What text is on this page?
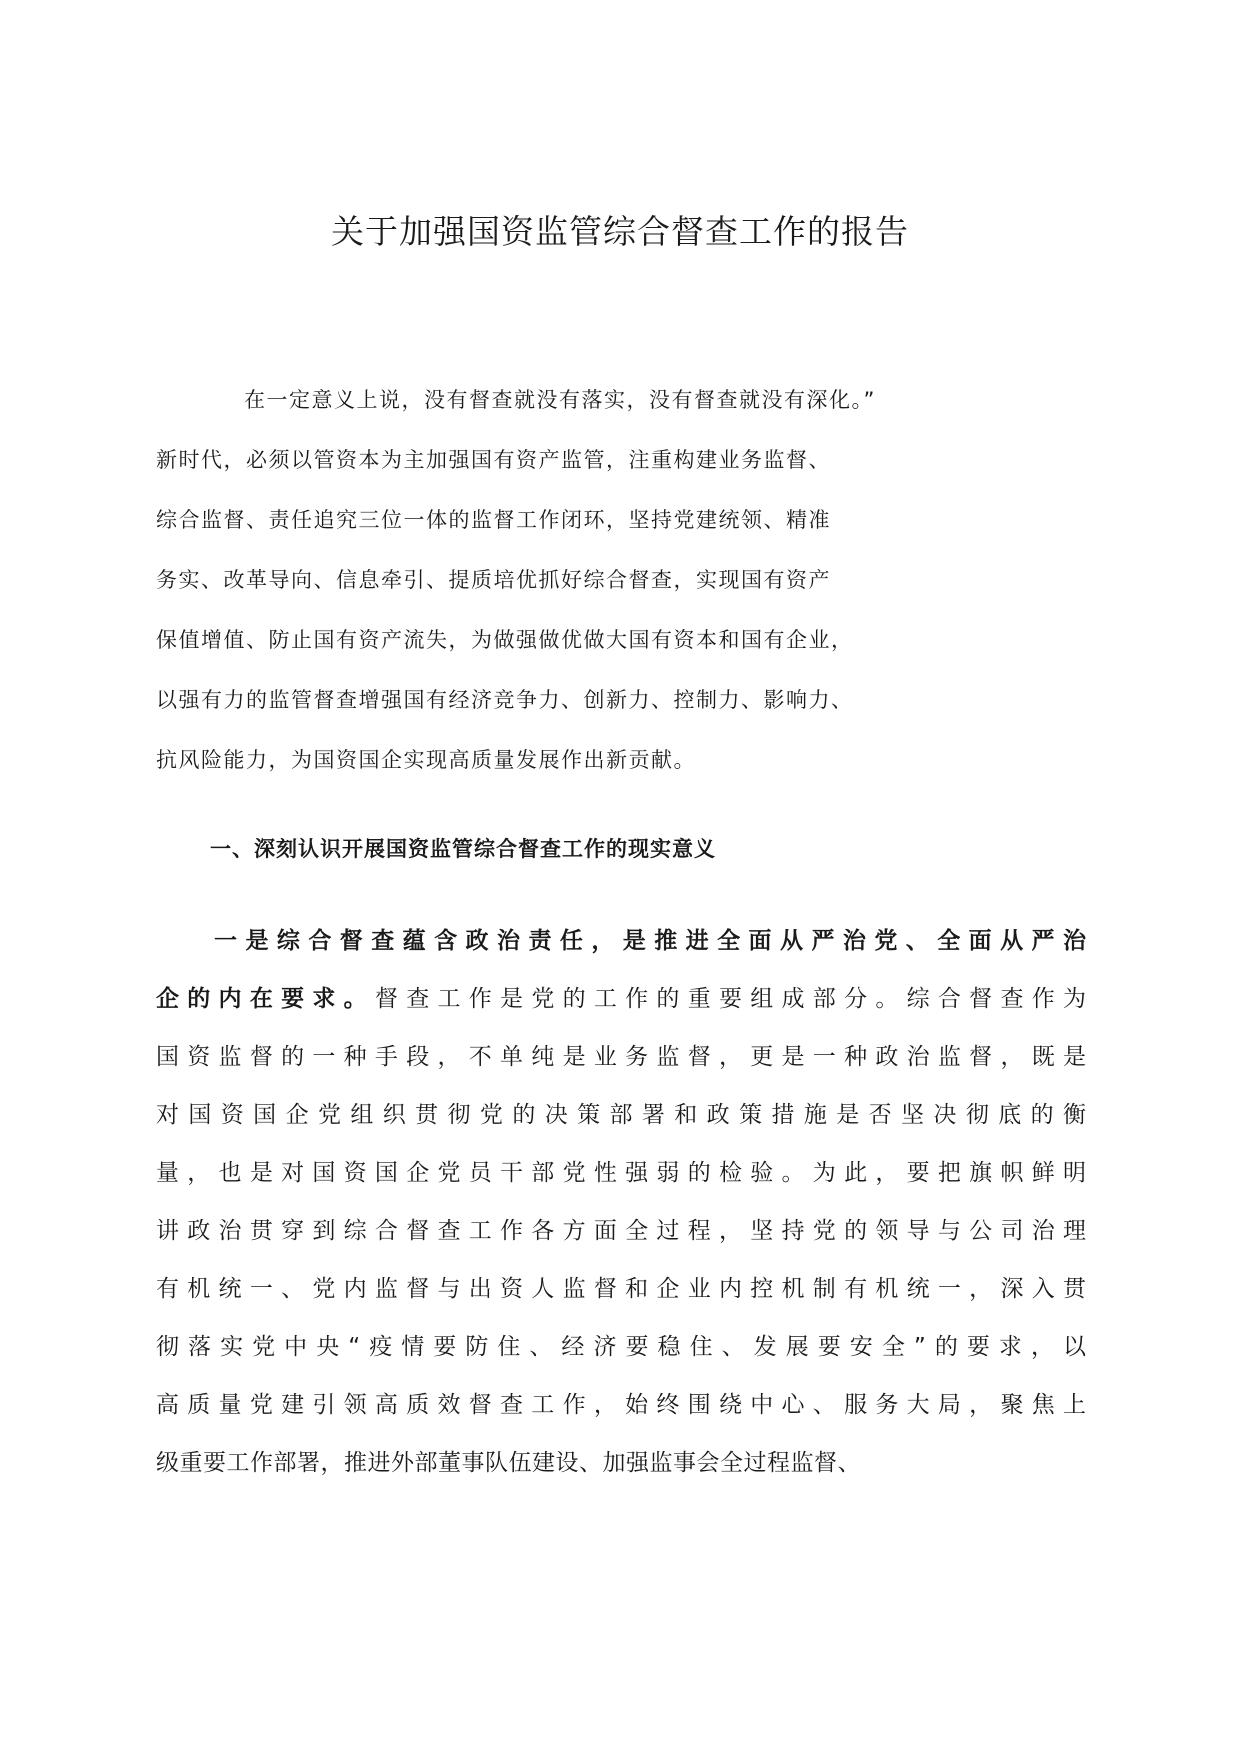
关于加强国资监管综合督查工作的报告
在一定意义上说，没有督查就没有落实，没有督查就没有深化。”
新时代，必须以管资本为主加强国有资产监管，注重构建业务监督、
综合监督、责任追究三位一体的监督工作闭环，坚持党建统领、精准
务实、改革导向、信息牵引、提质培优抓好综合督查，实现国有资产
保值增值、防止国有资产流失，为做强做优做大国有资本和国有企业，
以强有力的监管督查增强国有经济竞争力、创新力、控制力、影响力、
抗风险能力，为国资国企实现高质量发展作出新贡献。
一、深刻认识开展国资监管综合督查工作的现实意义
一是综合督查蕴含政治责任，是推进全面从严治党、全面从严治
企的内在要求。督查工作是党的工作的重要组成部分。综合督查作为
国资监督的一种手段，不单纯是业务监督，更是一种政治监督，既是
对国资国企党组织贯彻党的决策部署和政策措施是否坚决彻底的衡
量，也是对国资国企党员干部党性强弱的检验。为此，要把旗帜鲜明
讲政治贯穿到综合督查工作各方面全过程，坚持党的领导与公司治理
有机统一、党内监督与出资人监督和企业内控机制有机统一，深入贯
彻落实党中央“疫情要防住、经济要稳住、发展要安全”的要求，以
高质量党建引领高质效督查工作，始终围绕中心、服务大局，聚焦上
级重要工作部署，推进外部董事队伍建设、加强监事会全过程监督、
